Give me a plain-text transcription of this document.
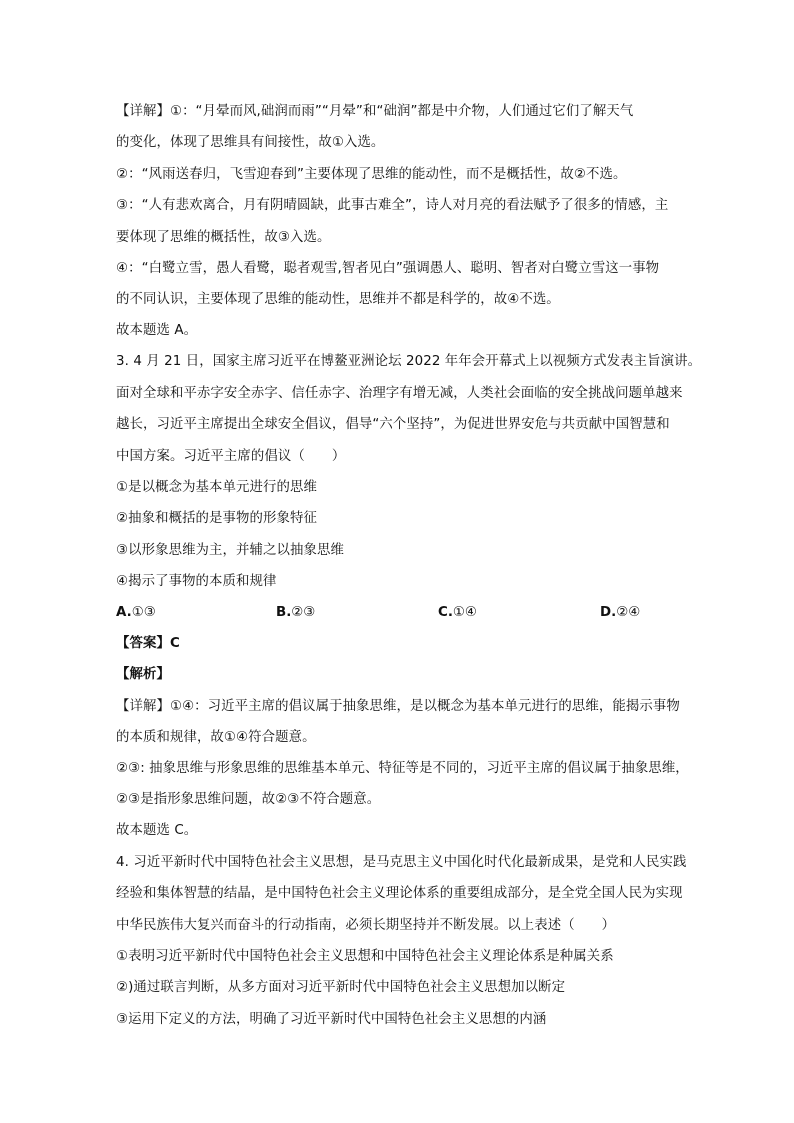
【详解】①：“月晕而风,础润而雨”“月晕”和“础润”都是中介物，人们通过它们了解天气
的变化，体现了思维具有间接性，故①入选。
②：“风雨送春归，飞雪迎春到”主要体现了思维的能动性，而不是概括性，故②不选。
③：“人有悲欢离合，月有阴晴圆缺，此事古难全”，诗人对月亮的看法赋予了很多的情感，主
要体现了思维的概括性，故③入选。
④：“白鹭立雪，愚人看鹭，聪者观雪,智者见白”强调愚人、聪明、智者对白鹭立雪这一事物
的不同认识，主要体现了思维的能动性，思维并不都是科学的，故④不选。
故本题选 A。
3. 4 月 21 日，国家主席习近平在博鳌亚洲论坛 2022 年年会开幕式上以视频方式发表主旨演讲。
面对全球和平赤字安全赤字、信任赤字、治理字有增无减，人类社会面临的安全挑战问题单越来
越长，习近平主席提出全球安全倡议，倡导“六个坚持”，为促进世界安危与共贡献中国智慧和
中国方案。习近平主席的倡议（　　）
①是以概念为基本单元进行的思维
②抽象和概括的是事物的形象特征
③以形象思维为主，并辅之以抽象思维
④揭示了事物的本质和规律
A.①③	B.②③	C.①④	D.②④
【答案】C
【解析】
【详解】①④：习近平主席的倡议属于抽象思维，是以概念为基本单元进行的思维，能揭示事物
的本质和规律，故①④符合题意。
②③: 抽象思维与形象思维的思维基本单元、特征等是不同的，习近平主席的倡议属于抽象思维，
②③是指形象思维问题，故②③不符合题意。
故本题选 C。
4. 习近平新时代中国特色社会主义思想，是马克思主义中国化时代化最新成果，是党和人民实践
经验和集体智慧的结晶，是中国特色社会主义理论体系的重要组成部分，是全党全国人民为实现
中华民族伟大复兴而奋斗的行动指南，必须长期坚持并不断发展。以上表述（　　）
①表明习近平新时代中国特色社会主义思想和中国特色社会主义理论体系是种属关系
②)通过联言判断，从多方面对习近平新时代中国特色社会主义思想加以断定
③运用下定义的方法，明确了习近平新时代中国特色社会主义思想的内涵
